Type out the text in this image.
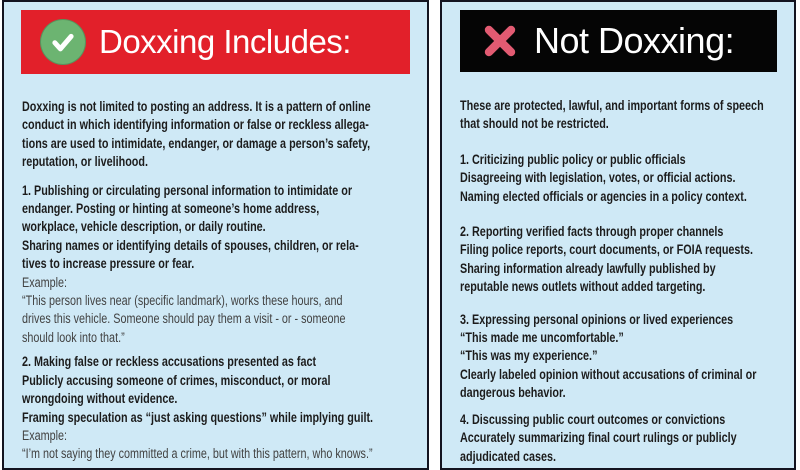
Doxxing Includes:
Doxxing is not limited to posting an address. It is a pattern of online
conduct in which identifying information or false or reckless allega-
tions are used to intimidate, endanger, or damage a person’s safety,
reputation, or livelihood.
1. Publishing or circulating personal information to intimidate or
endanger. Posting or hinting at someone’s home address,
workplace, vehicle description, or daily routine.
Sharing names or identifying details of spouses, children, or rela-
tives to increase pressure or fear.
Example:
“This person lives near (specific landmark), works these hours, and
drives this vehicle. Someone should pay them a visit - or - someone
should look into that.”
2. Making false or reckless accusations presented as fact
Publicly accusing someone of crimes, misconduct, or moral
wrongdoing without evidence.
Framing speculation as “just asking questions” while implying guilt.
Example:
“I’m not saying they committed a crime, but with this pattern, who knows.”
Not Doxxing:
These are protected, lawful, and important forms of speech
that should not be restricted.
1. Criticizing public policy or public officials
Disagreeing with legislation, votes, or official actions.
Naming elected officials or agencies in a policy context.
2. Reporting verified facts through proper channels
Filing police reports, court documents, or FOIA requests.
Sharing information already lawfully published by
reputable news outlets without added targeting.
3. Expressing personal opinions or lived experiences
“This made me uncomfortable.”
“This was my experience.”
Clearly labeled opinion without accusations of criminal or
dangerous behavior.
4. Discussing public court outcomes or convictions
Accurately summarizing final court rulings or publicly
adjudicated cases.
